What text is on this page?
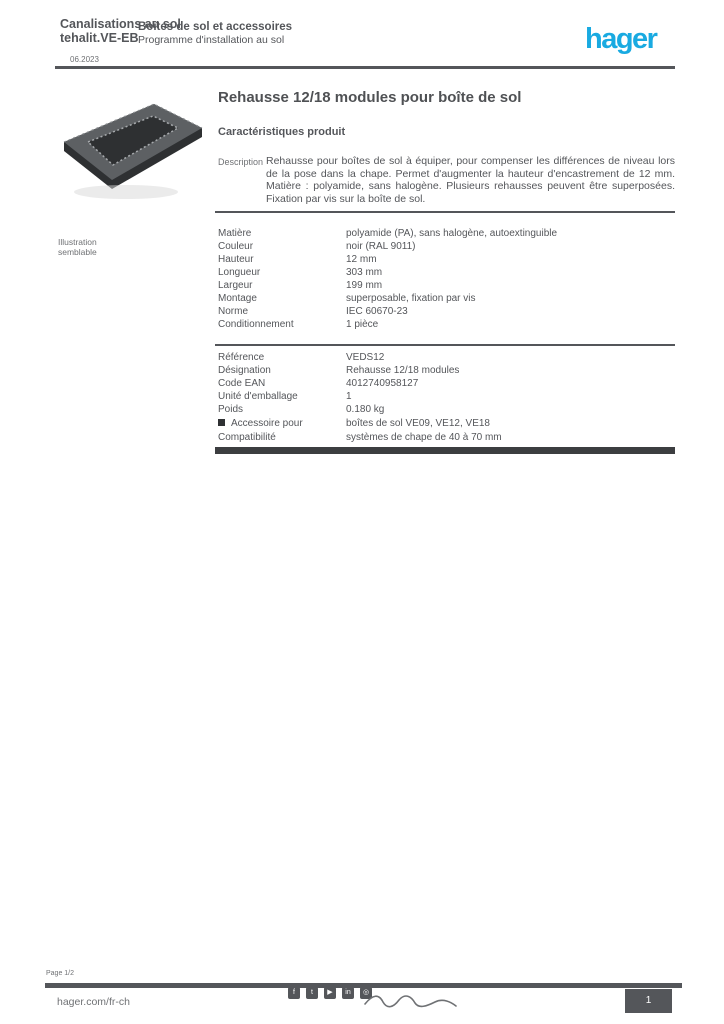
Canalisations au sol tehalit.VE-EB
Boîtes de sol et accessoires
Programme d'installation au sol
06.2023
hager
Illustration semblable
Rehausse 12/18 modules pour boîte de sol
Caractéristiques produit
Description Rehausse pour boîtes de sol à équiper, pour compenser les différences de niveau lors de la pose dans la chape. Permet d'augmenter la hauteur d'encastrement de 12 mm. Matière : polyamide, sans halogène. Plusieurs rehausses peuvent être superposées. Fixation par vis sur la boîte de sol.
Matière	polyamide (PA), sans halogène, autoextinguible
Couleur	noir (RAL 9011)
Hauteur	12 mm
Longueur	303 mm
Largeur	199 mm
Montage	superposable, fixation par vis
Norme	IEC 60670-23
Conditionnement	1 pièce
Référence	VEDS12
Désignation	Rehausse 12/18 modules
Code EAN	4012740958127
Unité d'emballage	1
Poids	0.180 kg
Accessoire pour	boîtes de sol VE09, VE12, VE18
Compatibilité	systèmes de chape de 40 à 70 mm
Page 1/2
hager.com/fr-ch
f	t	▶	in	◎
1
